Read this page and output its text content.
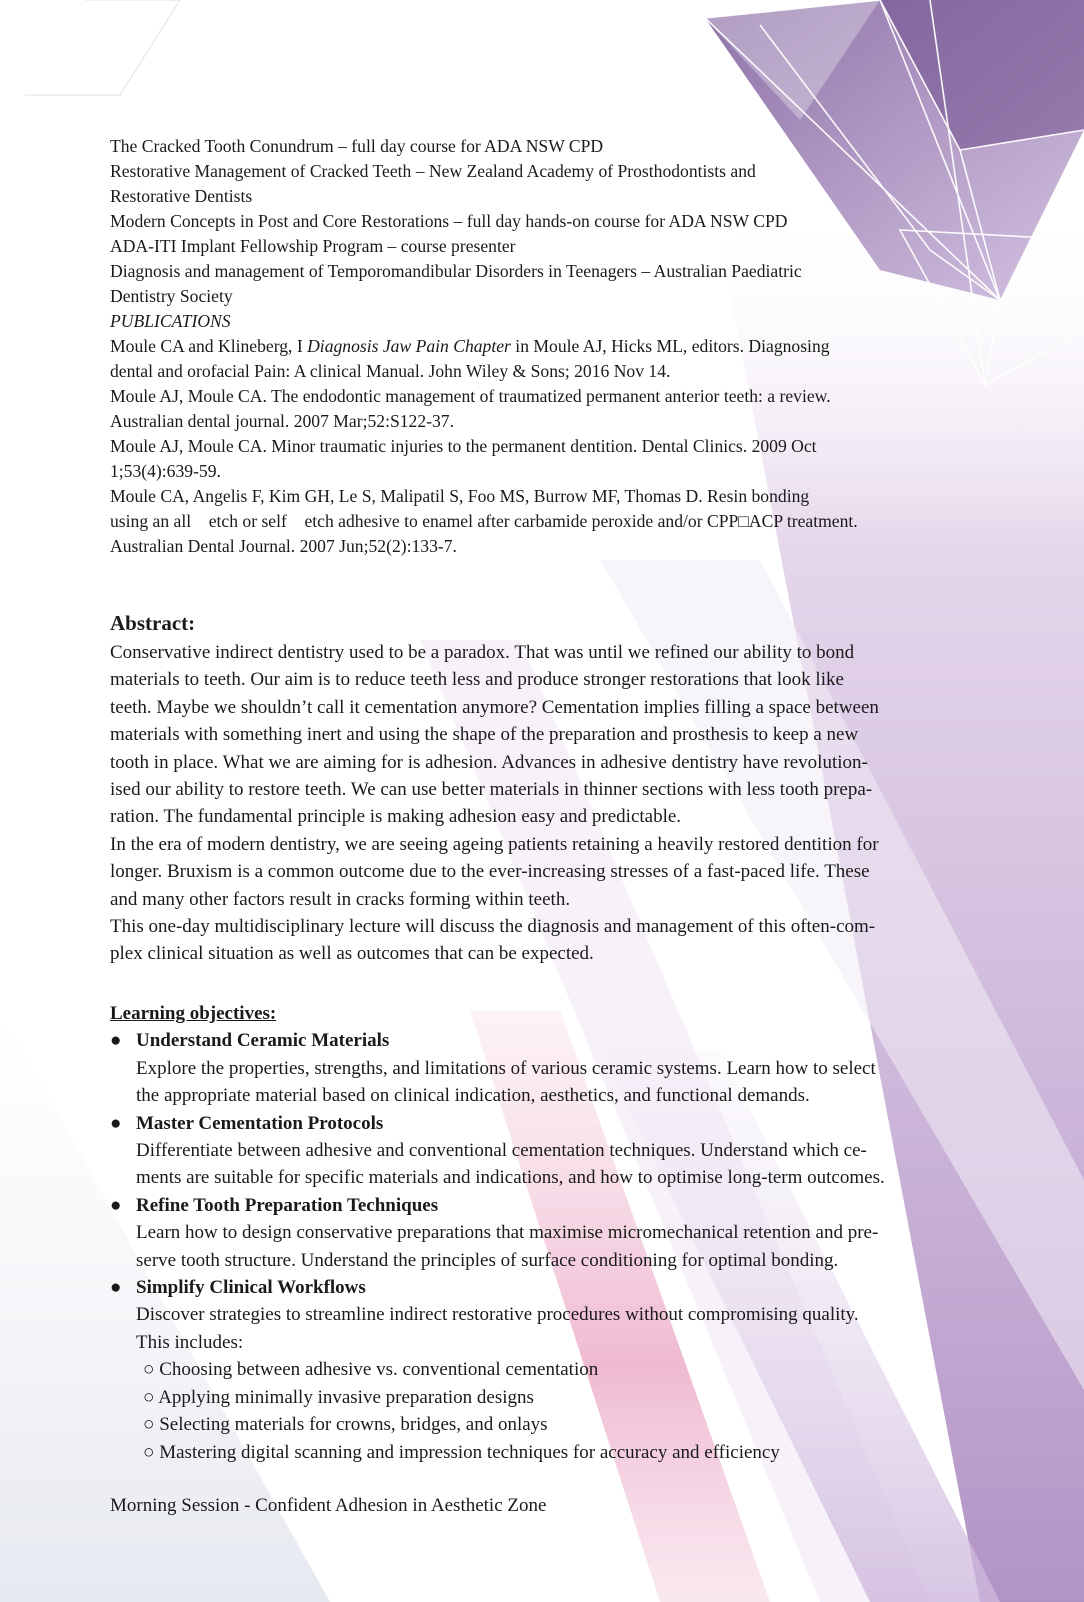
The Cracked Tooth Conundrum – full day course for ADA NSW CPD
Restorative Management of Cracked Teeth – New Zealand Academy of Prosthodontists and
Restorative Dentists
Modern Concepts in Post and Core Restorations – full day hands-on course for ADA NSW CPD
ADA-ITI Implant Fellowship Program – course presenter
Diagnosis and management of Temporomandibular Disorders in Teenagers – Australian Paediatric
Dentistry Society
PUBLICATIONS
Moule CA and Klineberg, I Diagnosis Jaw Pain Chapter in Moule AJ, Hicks ML, editors. Diagnosing
dental and orofacial Pain: A clinical Manual. John Wiley & Sons; 2016 Nov 14.
Moule AJ, Moule CA. The endodontic management of traumatized permanent anterior teeth: a review.
Australian dental journal. 2007 Mar;52:S122-37.
Moule AJ, Moule CA. Minor traumatic injuries to the permanent dentition. Dental Clinics. 2009 Oct
1;53(4):639-59.
Moule CA, Angelis F, Kim GH, Le S, Malipatil S, Foo MS, Burrow MF, Thomas D. Resin bonding
using an all    etch or self    etch adhesive to enamel after carbamide peroxide and/or CPP□ACP treatment.
Australian Dental Journal. 2007 Jun;52(2):133-7.
Abstract:
Conservative indirect dentistry used to be a paradox. That was until we refined our ability to bond
materials to teeth. Our aim is to reduce teeth less and produce stronger restorations that look like
teeth. Maybe we shouldn’t call it cementation anymore? Cementation implies filling a space between
materials with something inert and using the shape of the preparation and prosthesis to keep a new
tooth in place. What we are aiming for is adhesion. Advances in adhesive dentistry have revolution-
ised our ability to restore teeth. We can use better materials in thinner sections with less tooth prepa-
ration. The fundamental principle is making adhesion easy and predictable.
In the era of modern dentistry, we are seeing ageing patients retaining a heavily restored dentition for
longer. Bruxism is a common outcome due to the ever-increasing stresses of a fast-paced life. These
and many other factors result in cracks forming within teeth.
This one-day multidisciplinary lecture will discuss the diagnosis and management of this often-com-
plex clinical situation as well as outcomes that can be expected.
Learning objectives:
● Understand Ceramic Materials
Explore the properties, strengths, and limitations of various ceramic systems. Learn how to select
the appropriate material based on clinical indication, aesthetics, and functional demands.
● Master Cementation Protocols
Differentiate between adhesive and conventional cementation techniques. Understand which ce-
ments are suitable for specific materials and indications, and how to optimise long-term outcomes.
● Refine Tooth Preparation Techniques
Learn how to design conservative preparations that maximise micromechanical retention and pre-
serve tooth structure. Understand the principles of surface conditioning for optimal bonding.
● Simplify Clinical Workflows
Discover strategies to streamline indirect restorative procedures without compromising quality.
This includes:
○ Choosing between adhesive vs. conventional cementation
○ Applying minimally invasive preparation designs
○ Selecting materials for crowns, bridges, and onlays
○ Mastering digital scanning and impression techniques for accuracy and efficiency
Morning Session - Confident Adhesion in Aesthetic Zone
